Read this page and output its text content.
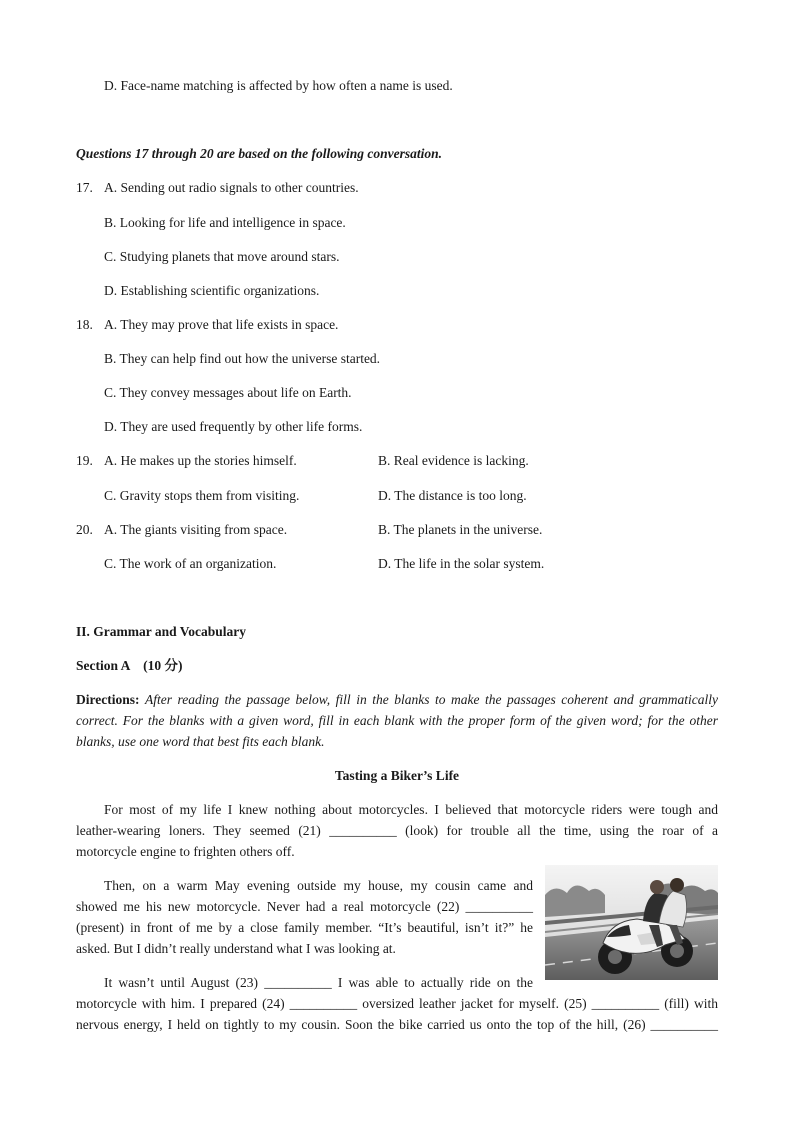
D. Face-name matching is affected by how often a name is used.
Questions 17 through 20 are based on the following conversation.
17. A. Sending out radio signals to other countries.
B. Looking for life and intelligence in space.
C. Studying planets that move around stars.
D. Establishing scientific organizations.
18. A. They may prove that life exists in space.
B. They can help find out how the universe started.
C. They convey messages about life on Earth.
D. They are used frequently by other life forms.
19. A. He makes up the stories himself.	B. Real evidence is lacking.
C. Gravity stops them from visiting.	D. The distance is too long.
20. A. The giants visiting from space.	B. The planets in the universe.
C. The work of an organization.	D. The life in the solar system.
II. Grammar and Vocabulary
Section A    (10 分)
Directions: After reading the passage below, fill in the blanks to make the passages coherent and grammatically
correct. For the blanks with a given word, fill in each blank with the proper form of the given word; for the other
blanks, use one word that best fits each blank.
Tasting a Biker’s Life
For most of my life I knew nothing about motorcycles. I believed that motorcycle riders were tough and
leather-wearing loners. They seemed (21) __________ (look) for trouble all the time, using the roar of a
motorcycle engine to frighten others off.
Then, on a warm May evening outside my house, my cousin came and
showed me his new motorcycle. Never had a real motorcycle (22) __________
(present) in front of me by a close family member. “It’s beautiful, isn’t it?” he
asked. But I didn’t really understand what I was looking at.
It wasn’t until August (23) __________ I was able to actually ride on the
motorcycle with him. I prepared (24) __________ oversized leather jacket for myself. (25) __________ (fill) with
nervous energy, I held on tightly to my cousin. Soon the bike carried us onto the top of the hill, (26) __________
